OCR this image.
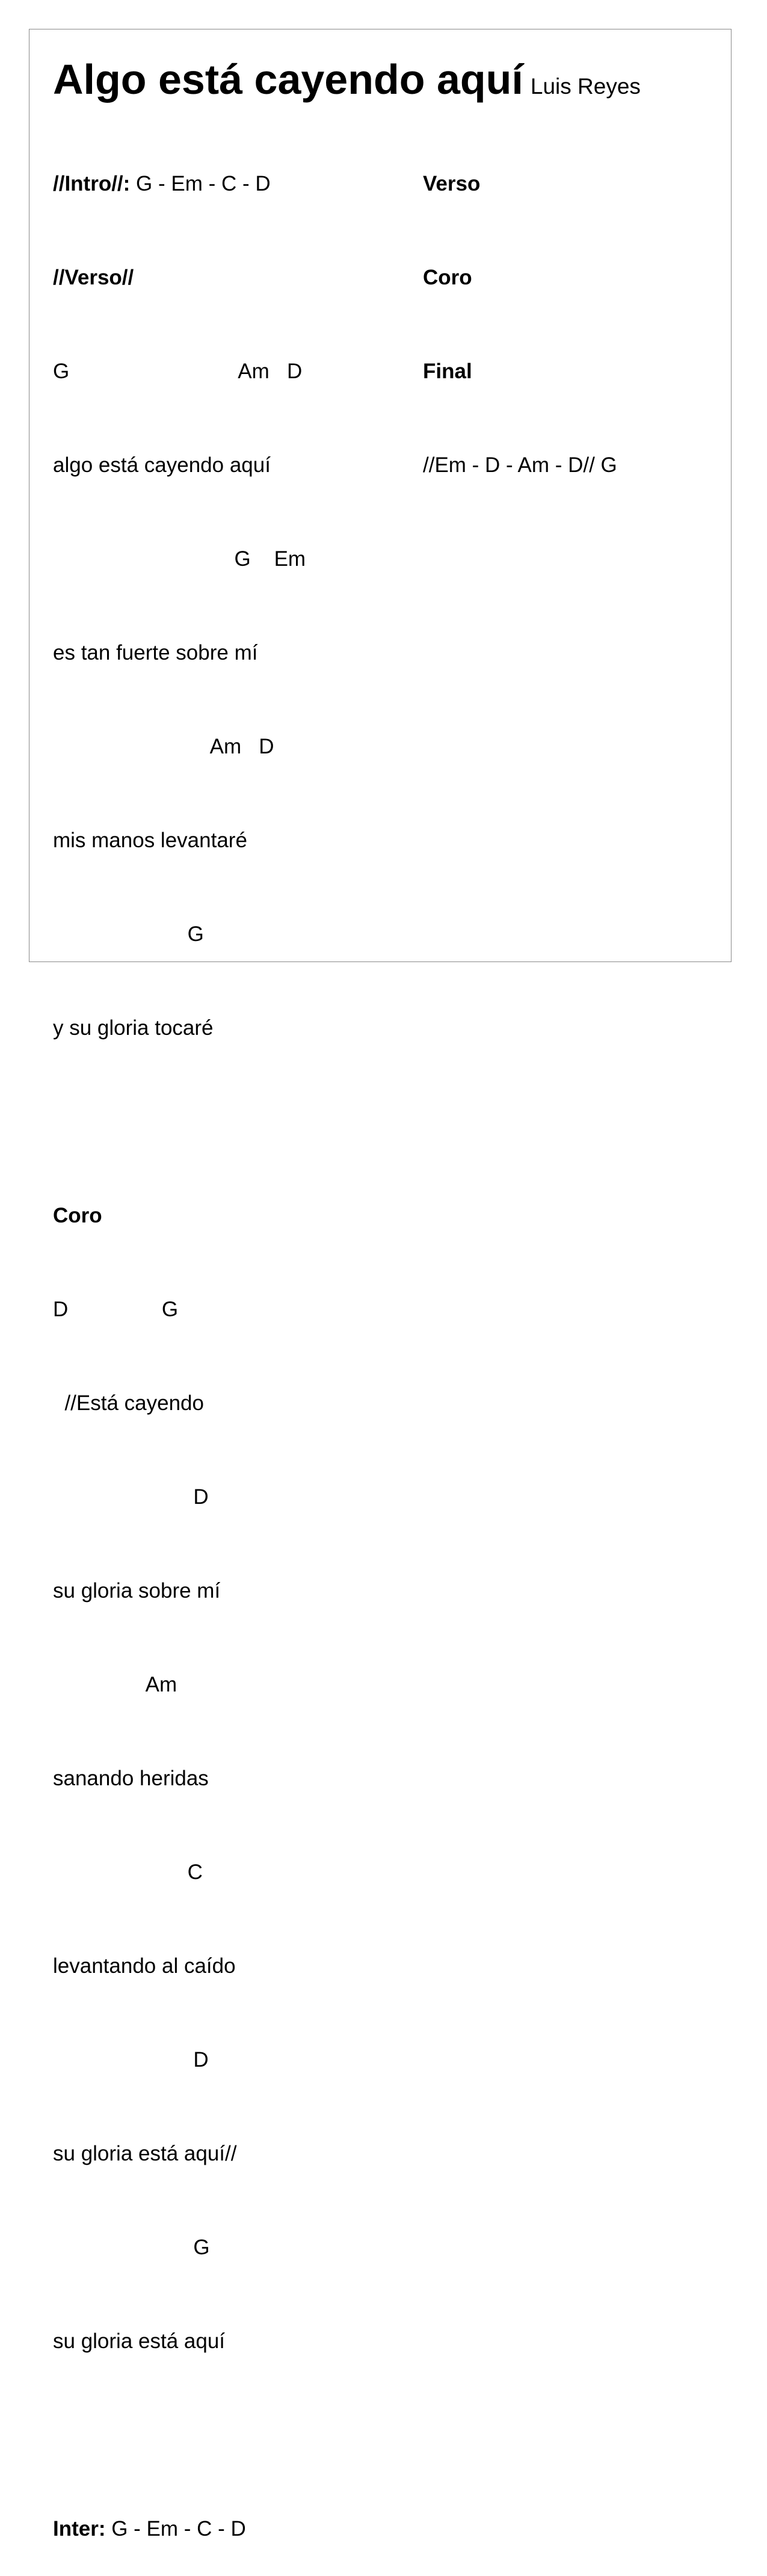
Algo está cayendo aquí Luis Reyes

//Intro//: G - Em - C - D

//Verso//

G                             Am   D

algo está cayendo aquí

G    Em

es tan fuerte sobre mí

Am   D

mis manos levantaré

G

y su gloria tocaré

Coro

D                G

//Está cayendo

D

su gloria sobre mí

Am

sanando heridas

C

levantando al caído

D

su gloria está aquí//

G

su gloria está aquí

Inter: G - Em - C - D

Verso

Coro

Final

//Em - D - Am - D// G
